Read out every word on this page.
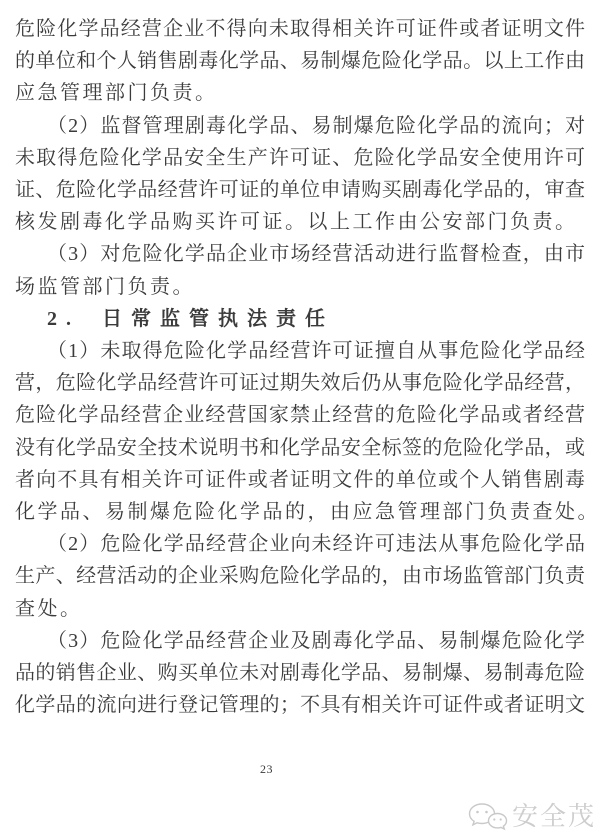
危险化学品经营企业不得向未取得相关许可证件或者证明文件
的单位和个人销售剧毒化学品、易制爆危险化学品。以上工作由
应急管理部门负责。
（2）监督管理剧毒化学品、易制爆危险化学品的流向；对
未取得危险化学品安全生产许可证、危险化学品安全使用许可
证、危险化学品经营许可证的单位申请购买剧毒化学品的，审查
核发剧毒化学品购买许可证。以上工作由公安部门负责。
（3）对危险化学品企业市场经营活动进行监督检查，由市
场监管部门负责。
2. 日常监管执法责任
（1）未取得危险化学品经营许可证擅自从事危险化学品经
营，危险化学品经营许可证过期失效后仍从事危险化学品经营，
危险化学品经营企业经营国家禁止经营的危险化学品或者经营
没有化学品安全技术说明书和化学品安全标签的危险化学品，或
者向不具有相关许可证件或者证明文件的单位或个人销售剧毒
化学品、易制爆危险化学品的，由应急管理部门负责查处。
（2）危险化学品经营企业向未经许可违法从事危险化学品
生产、经营活动的企业采购危险化学品的，由市场监管部门负责
查处。
（3）危险化学品经营企业及剧毒化学品、易制爆危险化学
品的销售企业、购买单位未对剧毒化学品、易制爆、易制毒危险
化学品的流向进行登记管理的；不具有相关许可证件或者证明文
23
安全茂
